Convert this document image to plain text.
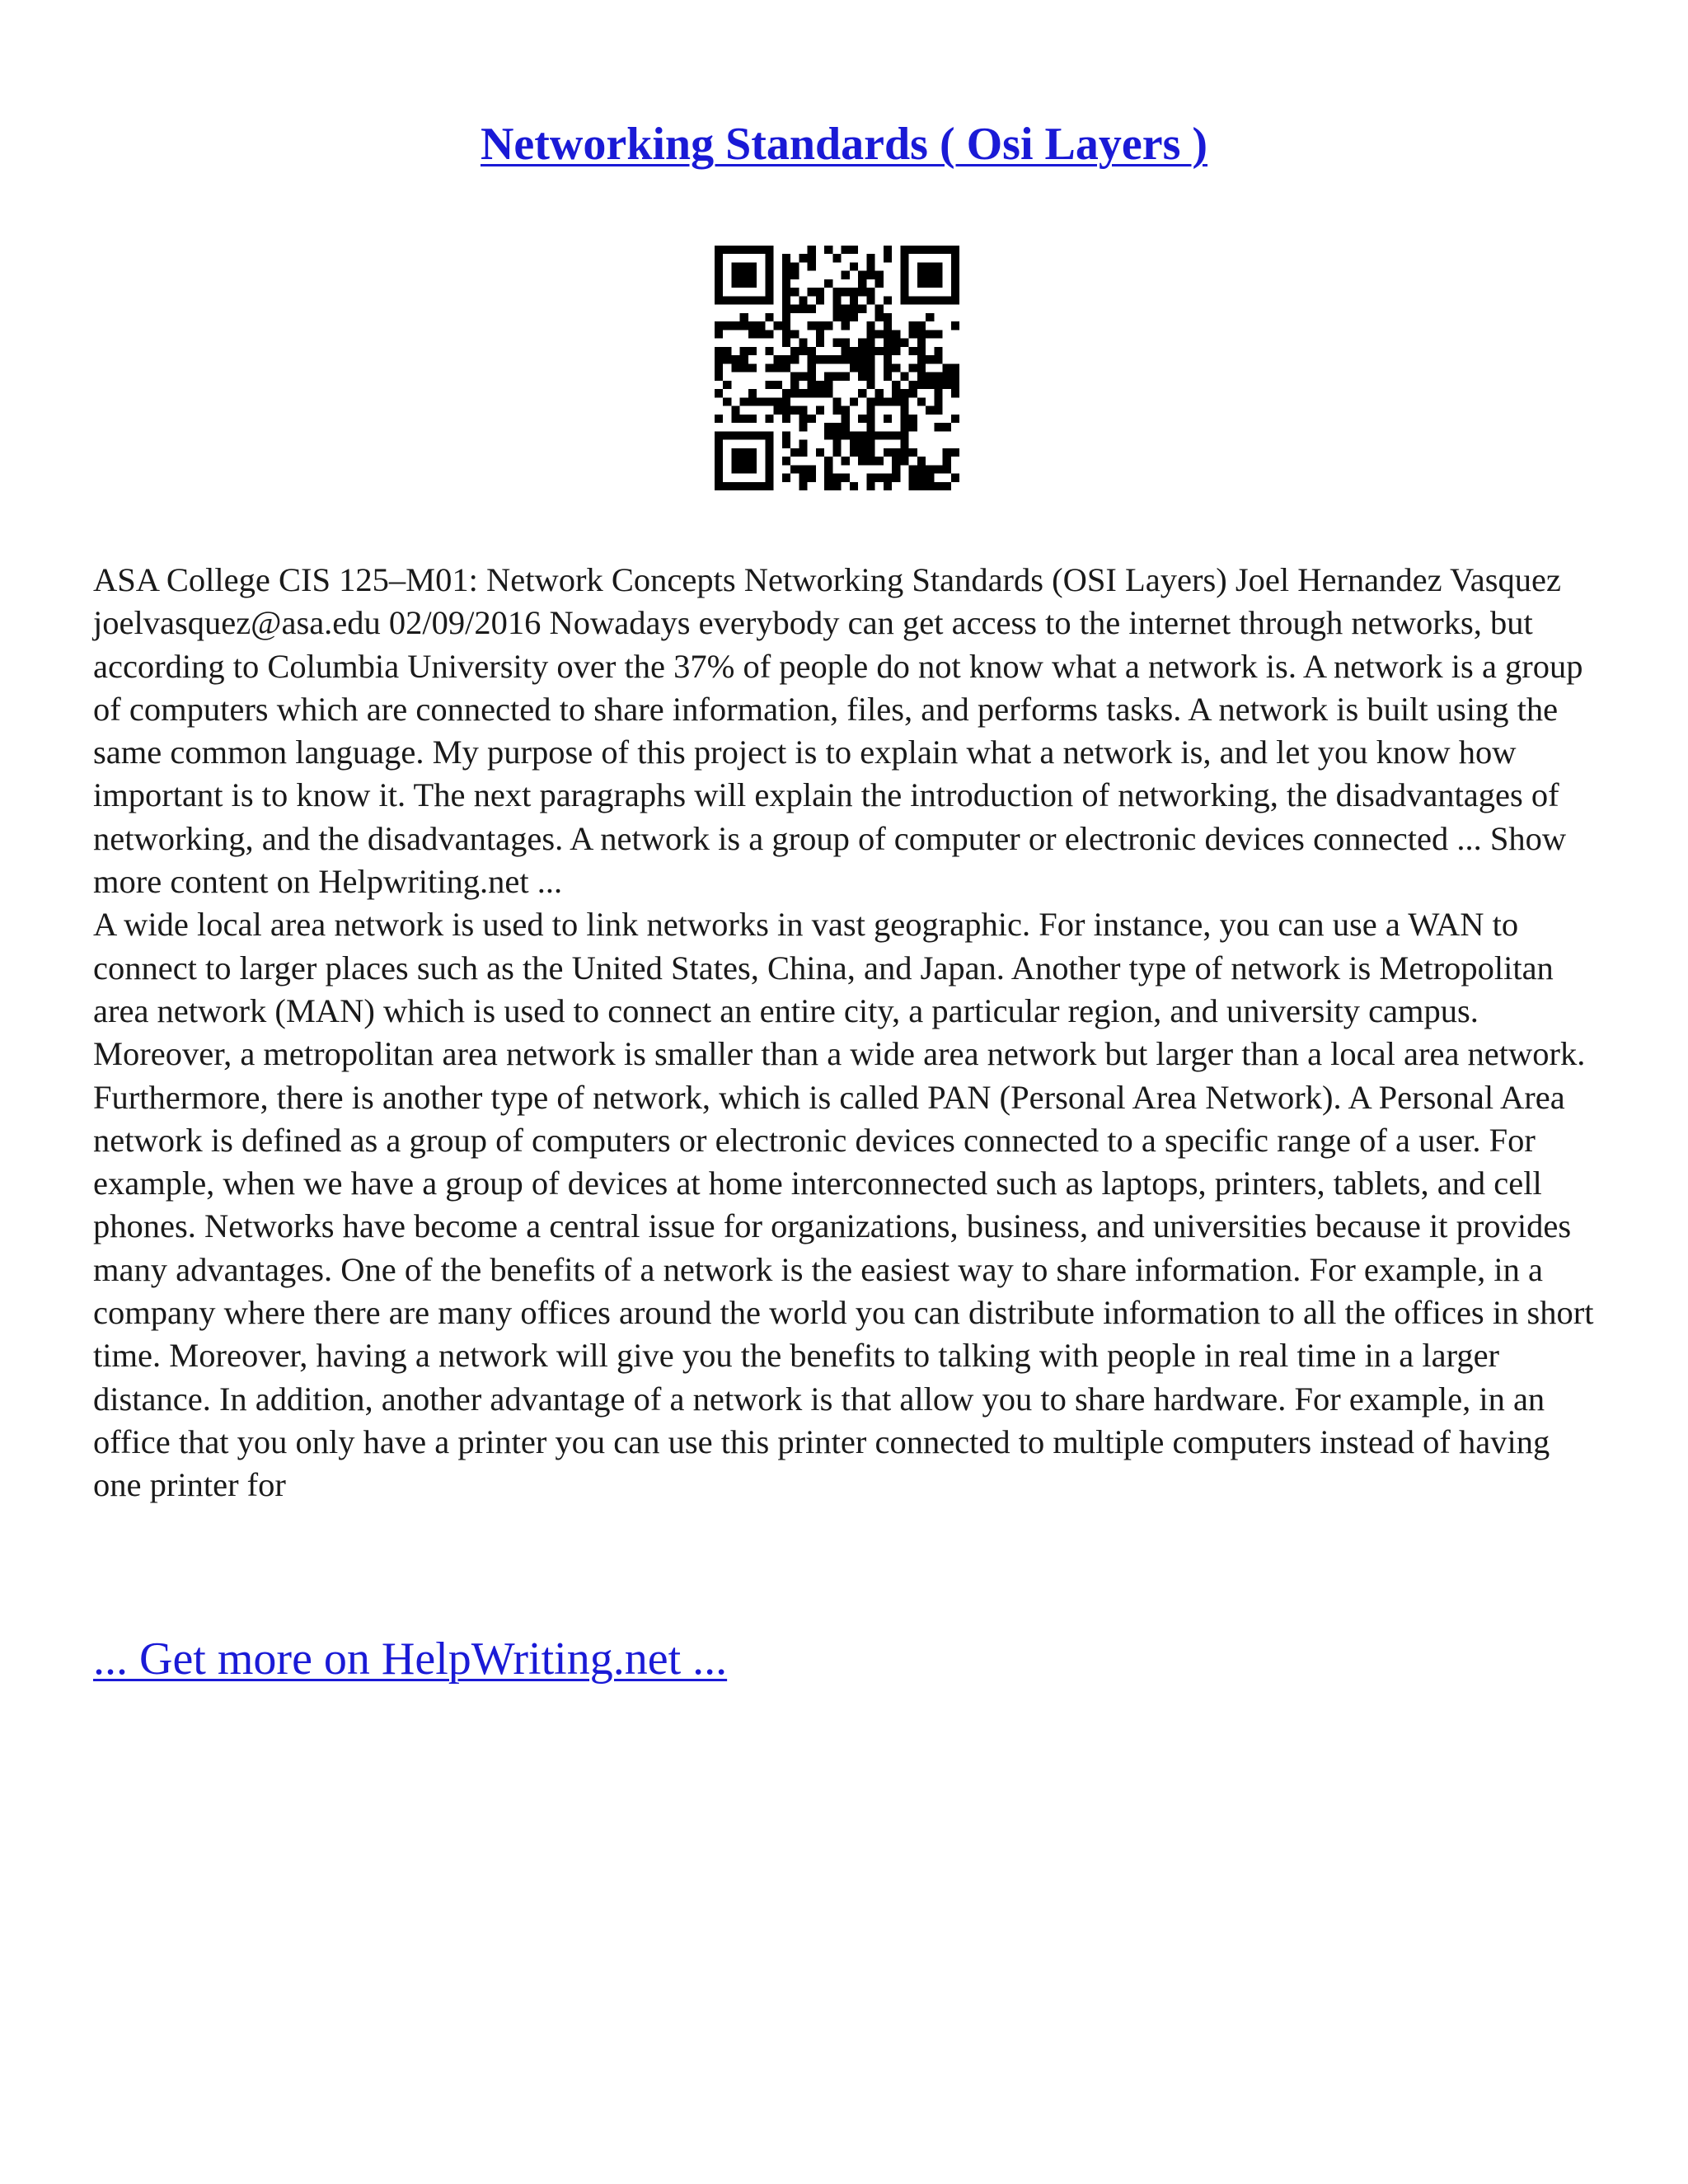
Networking Standards ( Osi Layers )

ASA College CIS 125–M01: Network Concepts Networking Standards (OSI Layers) Joel Hernandez Vasquez joelvasquez@asa.edu 02/09/2016 Nowadays everybody can get access to the internet through networks, but according to Columbia University over the 37% of people do not know what a network is. A network is a group of computers which are connected to share information, files, and performs tasks. A network is built using the same common language. My purpose of this project is to explain what a network is, and let you know how important is to know it. The next paragraphs will explain the introduction of networking, the disadvantages of networking, and the disadvantages. A network is a group of computer or electronic devices connected ... Show more content on Helpwriting.net ...

A wide local area network is used to link networks in vast geographic. For instance, you can use a WAN to connect to larger places such as the United States, China, and Japan. Another type of network is Metropolitan area network (MAN) which is used to connect an entire city, a particular region, and university campus. Moreover, a metropolitan area network is smaller than a wide area network but larger than a local area network. Furthermore, there is another type of network, which is called PAN (Personal Area Network). A Personal Area network is defined as a group of computers or electronic devices connected to a specific range of a user. For example, when we have a group of devices at home interconnected such as laptops, printers, tablets, and cell phones. Networks have become a central issue for organizations, business, and universities because it provides many advantages. One of the benefits of a network is the easiest way to share information. For example, in a company where there are many offices around the world you can distribute information to all the offices in short time. Moreover, having a network will give you the benefits to talking with people in real time in a larger distance. In addition, another advantage of a network is that allow you to share hardware. For example, in an office that you only have a printer you can use this printer connected to multiple computers instead of having one printer for

... Get more on HelpWriting.net ...
